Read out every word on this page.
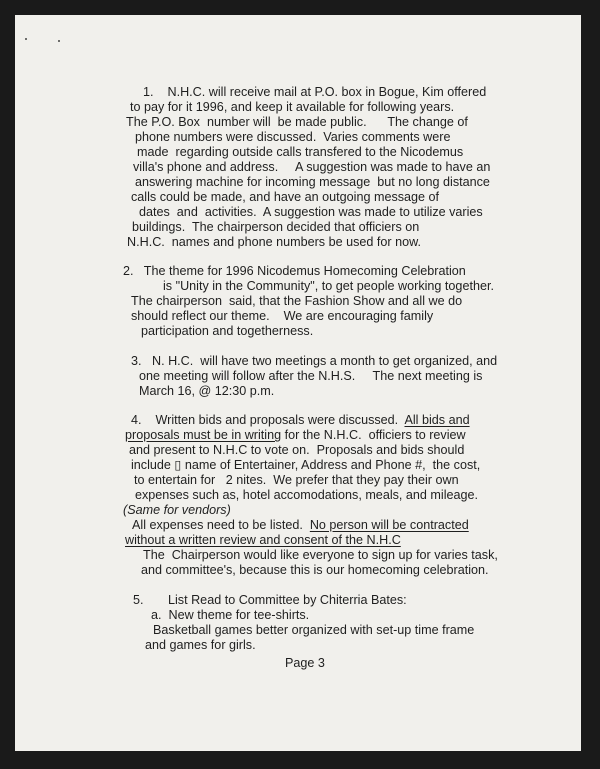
1.    N.H.C. will receive mail at P.O. box in Bogue, Kim offered
to pay for it 1996, and keep it available for following years.
The P.O. Box  number will  be made public.      The change of
phone numbers were discussed.  Varies comments were
made  regarding outside calls transfered to the Nicodemus
villa's phone and address.     A suggestion was made to have an
answering machine for incoming message  but no long distance
calls could be made, and have an outgoing message of
dates  and  activities.  A suggestion was made to utilize varies
buildings.  The chairperson decided that officiers on
N.H.C.  names and phone numbers be used for now.
2.   The theme for 1996 Nicodemus Homecoming Celebration
is "Unity in the Community", to get people working together.
The chairperson  said, that the Fashion Show and all we do
should reflect our theme.    We are encouraging family
participation and togetherness.
3.   N. H.C.  will have two meetings a month to get organized, and
one meeting will follow after the N.H.S.     The next meeting is
March 16, @ 12:30 p.m.
4.    Written bids and proposals were discussed.  All bids and
proposals must be in writing for the N.H.C.  officiers to review
and present to N.H.C to vote on.  Proposals and bids should
include ▯ name of Entertainer, Address and Phone #,  the cost,
to entertain for   2 nites.  We prefer that they pay their own
expenses such as, hotel accomodations, meals, and mileage.
(Same for vendors)
All expenses need to be listed.  No person will be contracted
without a written review and consent of the N.H.C
The  Chairperson would like everyone to sign up for varies task,
and committee's, because this is our homecoming celebration.
5.       List Read to Committee by Chiterria Bates:
a.  New theme for tee-shirts.
Basketball games better organized with set-up time frame
and games for girls.
Page 3
